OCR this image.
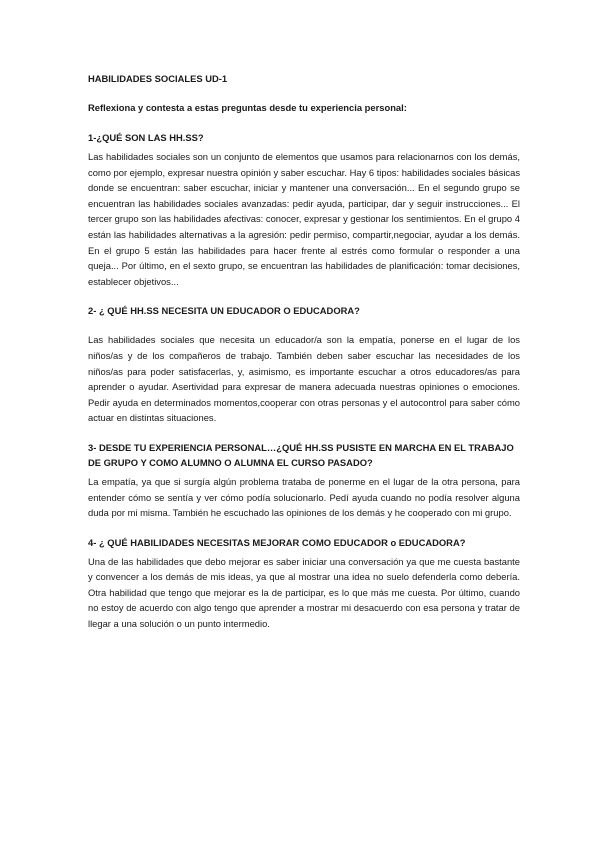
HABILIDADES SOCIALES UD-1

Reflexiona y contesta a estas preguntas desde tu experiencia personal:

1-¿QUÉ SON LAS HH.SS?

Las habilidades sociales son un conjunto de elementos que usamos para relacionarnos con los demás, como por ejemplo, expresar nuestra opinión y saber escuchar. Hay 6 tipos: habilidades sociales básicas donde se encuentran: saber escuchar, iniciar y mantener una conversación... En el segundo grupo se encuentran las habilidades sociales avanzadas: pedir ayuda, participar, dar y seguir instrucciones... El tercer grupo son las habilidades afectivas: conocer, expresar y gestionar los sentimientos. En el grupo 4 están las habilidades alternativas a la agresión: pedir permiso, compartir,negociar, ayudar a los demás. En el grupo 5 están las habilidades para hacer frente al estrés como formular o responder a una queja... Por último, en el sexto grupo, se encuentran las habilidades de planificación: tomar decisiones, establecer objetivos...

2- ¿ QUÉ HH.SS NECESITA UN EDUCADOR O EDUCADORA?

Las habilidades sociales que necesita un educador/a son la empatía, ponerse en el lugar de los niños/as y de los compañeros de trabajo. También deben saber escuchar las necesidades de los niños/as para poder satisfacerlas, y, asimismo, es importante escuchar a otros educadores/as para aprender o ayudar. Asertividad para expresar de manera adecuada nuestras opiniones o emociones. Pedir ayuda en determinados momentos,cooperar con otras personas y el autocontrol para saber cómo actuar en distintas situaciones.

3- DESDE TU EXPERIENCIA PERSONAL…¿QUÉ HH.SS PUSISTE EN MARCHA EN EL TRABAJO DE GRUPO Y COMO ALUMNO O ALUMNA EL CURSO PASADO?

La empatía, ya que si surgía algún problema trataba de ponerme en el lugar de la otra persona, para entender cómo se sentía y ver cómo podía solucionarlo. Pedí ayuda cuando no podía resolver alguna duda por mi misma. También he escuchado las opiniones de los demás y he cooperado con mi grupo.

4- ¿ QUÉ HABILIDADES NECESITAS MEJORAR COMO EDUCADOR o EDUCADORA?

Una de las habilidades que debo mejorar es saber iniciar una conversación ya que me cuesta bastante y convencer a los demás de mis ideas, ya que al mostrar una idea no suelo defenderla como debería. Otra habilidad que tengo que mejorar es la de participar, es lo que más me cuesta. Por último, cuando no estoy de acuerdo con algo tengo que aprender a mostrar mi desacuerdo con esa persona y tratar de llegar a una solución o un punto intermedio.
